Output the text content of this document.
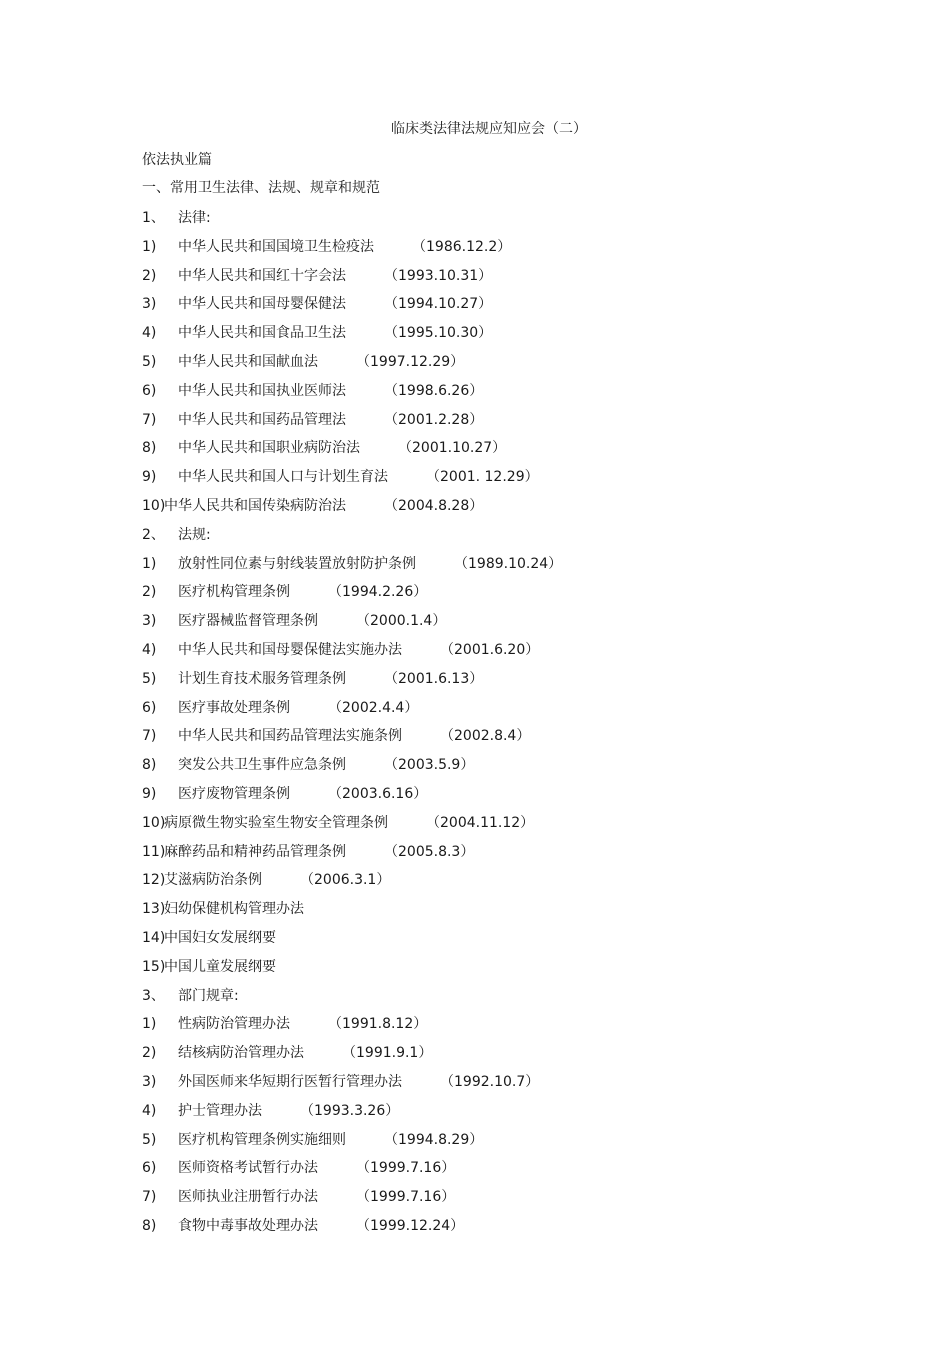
临床类法律法规应知应会（二）
依法执业篇
一、常用卫生法律、法规、规章和规范
1、 法律:
1) 中华人民共和国国境卫生检疫法	（1986.12.2）
2) 中华人民共和国红十字会法	（1993.10.31）
3) 中华人民共和国母婴保健法	（1994.10.27）
4) 中华人民共和国食品卫生法	（1995.10.30）
5) 中华人民共和国献血法	（1997.12.29）
6) 中华人民共和国执业医师法	（1998.6.26）
7) 中华人民共和国药品管理法	（2001.2.28）
8) 中华人民共和国职业病防治法	（2001.10.27）
9) 中华人民共和国人口与计划生育法	（2001. 12.29）
10)中华人民共和国传染病防治法	（2004.8.28）
2、 法规:
1) 放射性同位素与射线装置放射防护条例	（1989.10.24）
2) 医疗机构管理条例	（1994.2.26）
3) 医疗器械监督管理条例	（2000.1.4）
4) 中华人民共和国母婴保健法实施办法	（2001.6.20）
5) 计划生育技术服务管理条例	（2001.6.13）
6) 医疗事故处理条例	（2002.4.4）
7) 中华人民共和国药品管理法实施条例	（2002.8.4）
8) 突发公共卫生事件应急条例	（2003.5.9）
9) 医疗废物管理条例	（2003.6.16）
10)病原微生物实验室生物安全管理条例	（2004.11.12）
11)麻醉药品和精神药品管理条例	（2005.8.3）
12)艾滋病防治条例	（2006.3.1）
13)妇幼保健机构管理办法
14)中国妇女发展纲要
15)中国儿童发展纲要
3、 部门规章:
1) 性病防治管理办法	（1991.8.12）
2) 结核病防治管理办法	（1991.9.1）
3) 外国医师来华短期行医暂行管理办法	（1992.10.7）
4) 护士管理办法	（1993.3.26）
5) 医疗机构管理条例实施细则	（1994.8.29）
6) 医师资格考试暂行办法	（1999.7.16）
7) 医师执业注册暂行办法	（1999.7.16）
8) 食物中毒事故处理办法	（1999.12.24）
